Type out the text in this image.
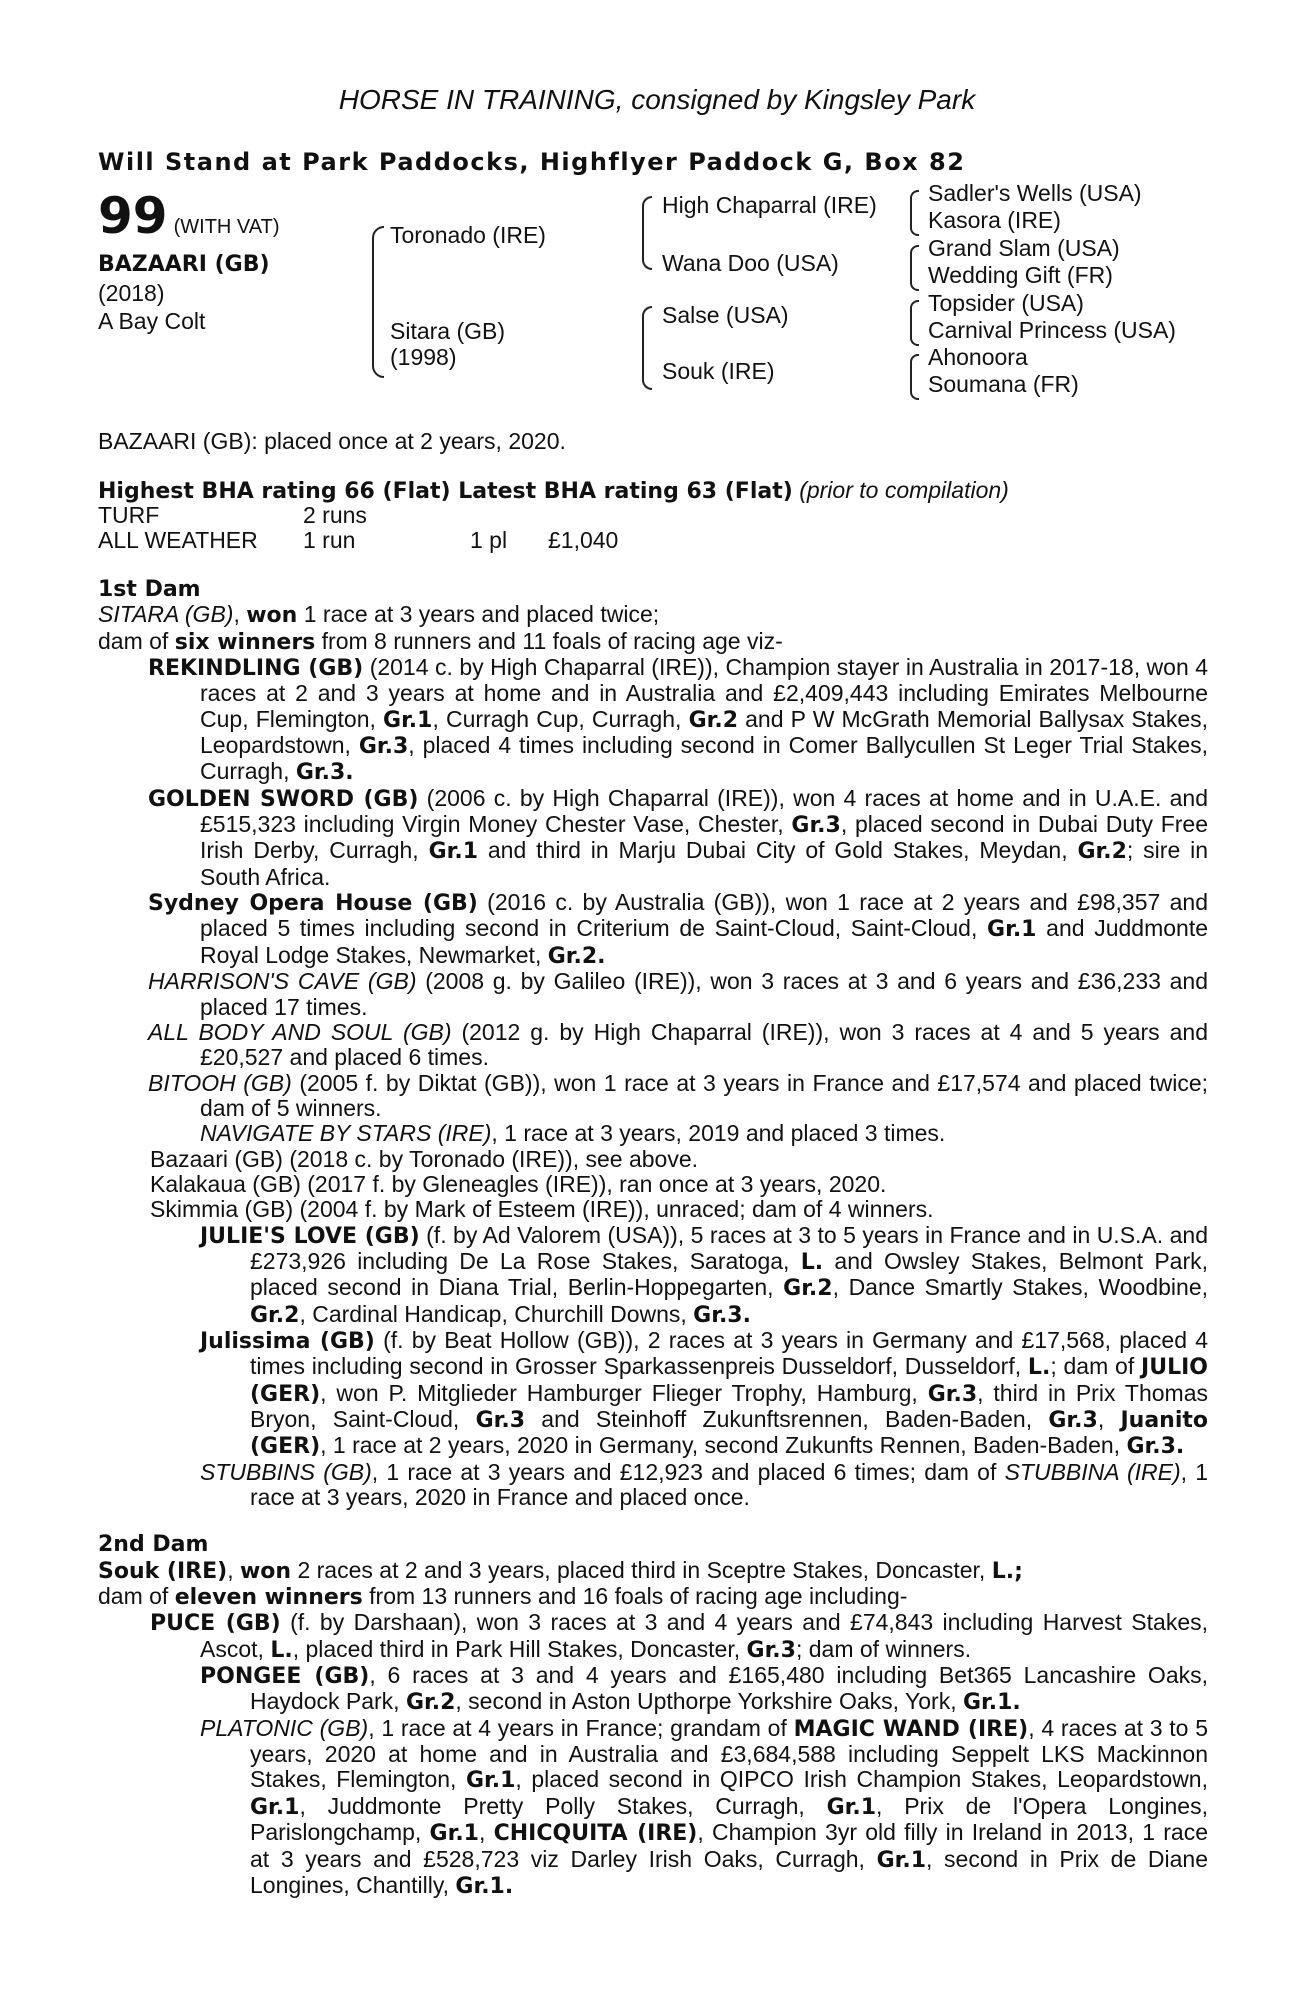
HORSE IN TRAINING, consigned by Kingsley Park
Will Stand at Park Paddocks, Highflyer Paddock G, Box 82
99 (WITH VAT)
BAZAARI (GB)
(2018)
A Bay Colt
Toronado (IRE)
Sitara (GB)
(1998)
High Chaparral (IRE)
Wana Doo (USA)
Salse (USA)
Souk (IRE)
Sadler's Wells (USA)
Kasora (IRE)
Grand Slam (USA)
Wedding Gift (FR)
Topsider (USA)
Carnival Princess (USA)
Ahonoora
Soumana (FR)
BAZAARI (GB): placed once at 2 years, 2020.
Highest BHA rating 66 (Flat) Latest BHA rating 63 (Flat) (prior to compilation)
TURF	2 runs
ALL WEATHER 1 run	1 pl £1,040

1st Dam

SITARA (GB), won 1 race at 3 years and placed twice;

dam of six winners from 8 runners and 11 foals of racing age viz-

REKINDLING (GB) (2014 c. by High Chaparral (IRE)), Champion stayer in Australia in 2017-18, won 4 races at 2 and 3 years at home and in Australia and £2,409,443 including Emirates Melbourne Cup, Flemington, Gr.1, Curragh Cup, Curragh, Gr.2 and P W McGrath Memorial Ballysax Stakes, Leopardstown, Gr.3, placed 4 times including second in Comer Ballycullen St Leger Trial Stakes, Curragh, Gr.3.

GOLDEN SWORD (GB) (2006 c. by High Chaparral (IRE)), won 4 races at home and in U.A.E. and £515,323 including Virgin Money Chester Vase, Chester, Gr.3, placed second in Dubai Duty Free Irish Derby, Curragh, Gr.1 and third in Marju Dubai City of Gold Stakes, Meydan, Gr.2; sire in South Africa.

Sydney Opera House (GB) (2016 c. by Australia (GB)), won 1 race at 2 years and £98,357 and placed 5 times including second in Criterium de Saint-Cloud, Saint-Cloud, Gr.1 and Juddmonte Royal Lodge Stakes, Newmarket, Gr.2.

HARRISON'S CAVE (GB) (2008 g. by Galileo (IRE)), won 3 races at 3 and 6 years and £36,233 and placed 17 times.

ALL BODY AND SOUL (GB) (2012 g. by High Chaparral (IRE)), won 3 races at 4 and 5 years and £20,527 and placed 6 times.

BITOOH (GB) (2005 f. by Diktat (GB)), won 1 race at 3 years in France and £17,574 and placed twice; dam of 5 winners.

NAVIGATE BY STARS (IRE), 1 race at 3 years, 2019 and placed 3 times.

Bazaari (GB) (2018 c. by Toronado (IRE)), see above.

Kalakaua (GB) (2017 f. by Gleneagles (IRE)), ran once at 3 years, 2020.

Skimmia (GB) (2004 f. by Mark of Esteem (IRE)), unraced; dam of 4 winners.

JULIE'S LOVE (GB) (f. by Ad Valorem (USA)), 5 races at 3 to 5 years in France and in U.S.A. and £273,926 including De La Rose Stakes, Saratoga, L. and Owsley Stakes, Belmont Park, placed second in Diana Trial, Berlin-Hoppegarten, Gr.2, Dance Smartly Stakes, Woodbine, Gr.2, Cardinal Handicap, Churchill Downs, Gr.3.

Julissima (GB) (f. by Beat Hollow (GB)), 2 races at 3 years in Germany and £17,568, placed 4 times including second in Grosser Sparkassenpreis Dusseldorf, Dusseldorf, L.; dam of JULIO (GER), won P. Mitglieder Hamburger Flieger Trophy, Hamburg, Gr.3, third in Prix Thomas Bryon, Saint-Cloud, Gr.3 and Steinhoff Zukunftsrennen, Baden-Baden, Gr.3, Juanito (GER), 1 race at 2 years, 2020 in Germany, second Zukunfts Rennen, Baden-Baden, Gr.3.

STUBBINS (GB), 1 race at 3 years and £12,923 and placed 6 times; dam of STUBBINA (IRE), 1 race at 3 years, 2020 in France and placed once.

2nd Dam

Souk (IRE), won 2 races at 2 and 3 years, placed third in Sceptre Stakes, Doncaster, L.;

dam of eleven winners from 13 runners and 16 foals of racing age including-

PUCE (GB) (f. by Darshaan), won 3 races at 3 and 4 years and £74,843 including Harvest Stakes, Ascot, L., placed third in Park Hill Stakes, Doncaster, Gr.3; dam of winners.

PONGEE (GB), 6 races at 3 and 4 years and £165,480 including Bet365 Lancashire Oaks, Haydock Park, Gr.2, second in Aston Upthorpe Yorkshire Oaks, York, Gr.1.

PLATONIC (GB), 1 race at 4 years in France; grandam of MAGIC WAND (IRE), 4 races at 3 to 5 years, 2020 at home and in Australia and £3,684,588 including Seppelt LKS Mackinnon Stakes, Flemington, Gr.1, placed second in QIPCO Irish Champion Stakes, Leopardstown, Gr.1, Juddmonte Pretty Polly Stakes, Curragh, Gr.1, Prix de l'Opera Longines, Parislongchamp, Gr.1, CHICQUITA (IRE), Champion 3yr old filly in Ireland in 2013, 1 race at 3 years and £528,723 viz Darley Irish Oaks, Curragh, Gr.1, second in Prix de Diane Longines, Chantilly, Gr.1.
